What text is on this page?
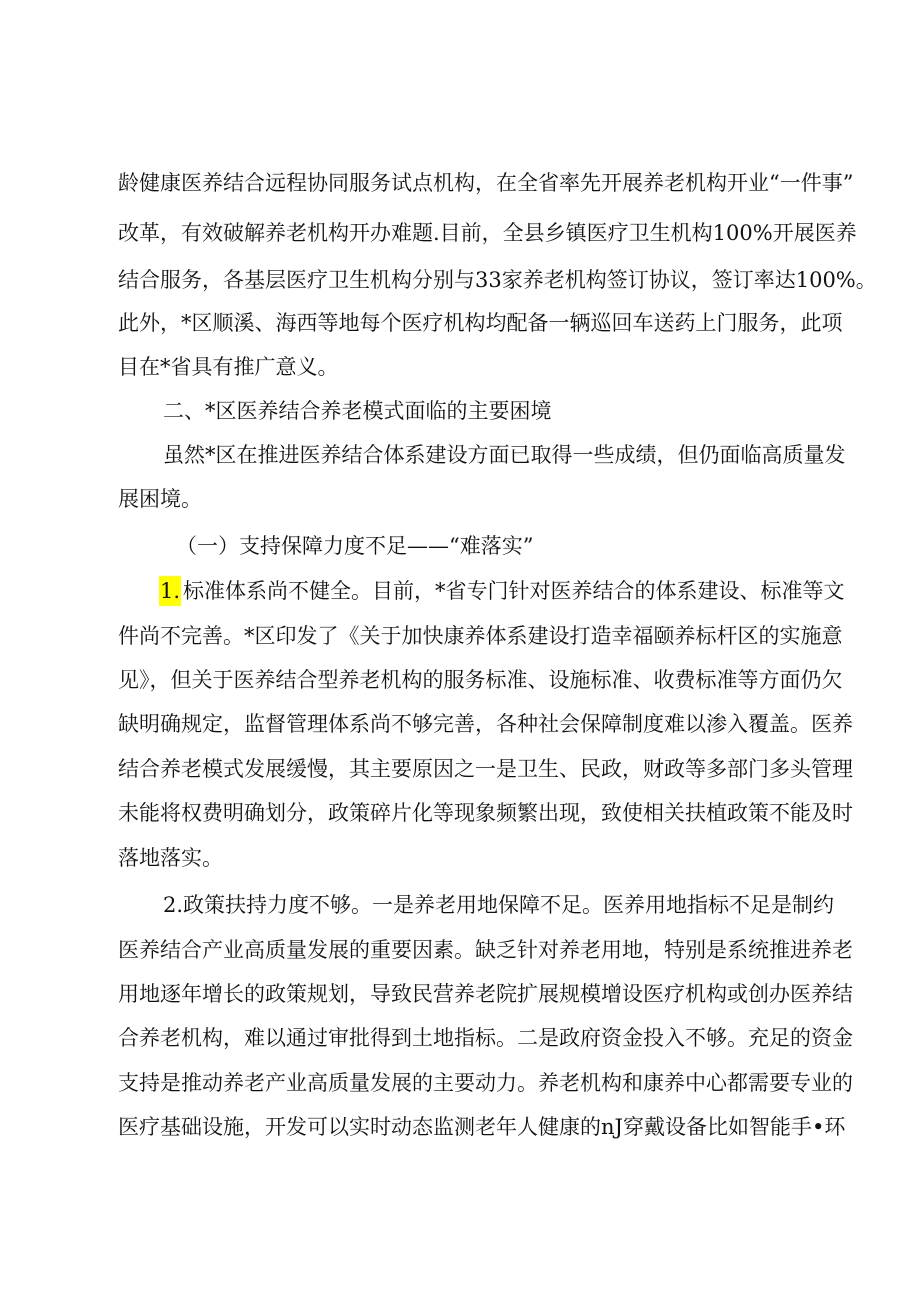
龄健康医养结合远程协同服务试点机构，在全省率先开展养老机构开业“一件事”
改革，有效破解养老机构开办难题.目前，全县乡镇医疗卫生机构100%开展医养
结合服务，各基层医疗卫生机构分别与33家养老机构签订协议，签订率达100%。
此外，*区顺溪、海西等地每个医疗机构均配备一辆巡回车送药上门服务，此项
目在*省具有推广意义。
二、*区医养结合养老模式面临的主要困境
虽然*区在推进医养结合体系建设方面已取得一些成绩，但仍面临高质量发
展困境。
（一）支持保障力度不足——“难落实”
1. 标准体系尚不健全。目前，*省专门针对医养结合的体系建设、标准等文
件尚不完善。*区印发了《关于加快康养体系建设打造幸福颐养标杆区的实施意
见》，但关于医养结合型养老机构的服务标准、设施标准、收费标准等方面仍欠
缺明确规定，监督管理体系尚不够完善，各种社会保障制度难以渗入覆盖。医养
结合养老模式发展缓慢，其主要原因之一是卫生、民政，财政等多部门多头管理
未能将权费明确划分，政策碎片化等现象频繁出现，致使相关扶植政策不能及时
落地落实。
2.政策扶持力度不够。一是养老用地保障不足。医养用地指标不足是制约
医养结合产业高质量发展的重要因素。缺乏针对养老用地，特别是系统推进养老
用地逐年增长的政策规划，导致民营养老院扩展规模增设医疗机构或创办医养结
合养老机构，难以通过审批得到土地指标。二是政府资金投入不够。充足的资金
支持是推动养老产业高质量发展的主要动力。养老机构和康养中心都需要专业的
医疗基础设施，开发可以实时动态监测老年人健康的nJ穿戴设备比如智能手•环
